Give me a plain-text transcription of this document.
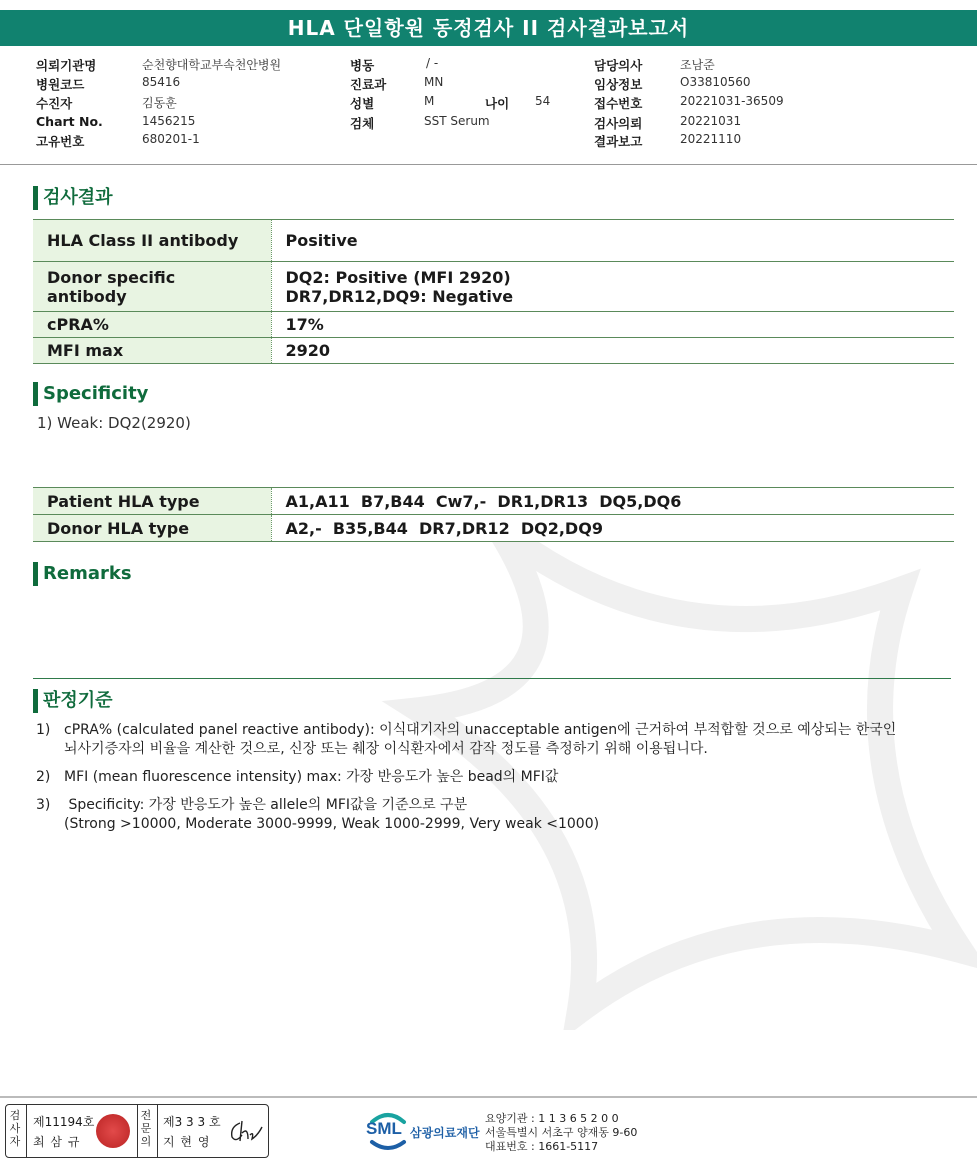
HLA 단일항원 동정검사 II 검사결과보고서
의뢰기관명	순천향대학교부속천안병원	병동	/ -	담당의사	조남준
병원코드	85416	진료과	MN	임상정보	O33810560
수진자	김동훈	성별	M	나이 54	접수번호	20221031-36509
Chart No.	1456215	검체	SST Serum	검사의뢰	20221031
고유번호	680201-1	결과보고	20221110
검사결과
HLA Class II antibody	Positive
Donor specific antibody	DQ2: Positive (MFI 2920)
DR7,DR12,DQ9: Negative

cPRA%	17%
MFI max	2920
Specificity
1) Weak: DQ2(2920)
Patient HLA type	A1,A11  B7,B44  Cw7,-  DR1,DR13  DQ5,DQ6
Donor HLA type	A2,-  B35,B44  DR7,DR12  DQ2,DQ9
Remarks
판정기준
1) cPRA% (calculated panel reactive antibody): 이식대기자의 unacceptable antigen에 근거하여 부적합할 것으로 예상되는 한국인
뇌사기증자의 비율을 계산한 것으로, 신장 또는 췌장 이식환자에서 감작 정도를 측정하기 위해 이용됩니다.
2) MFI (mean fluorescence intensity) max: 가장 반응도가 높은 bead의 MFI값
3) Specificity: 가장 반응도가 높은 allele의 MFI값을 기준으로 구분
(Strong >10000, Moderate 3000-9999, Weak 1000-2999, Very weak <1000)
검사자
제11194호
최 삼 규
전문의
제3 3 3 호
지 현 영
SML 삼광의료재단
요양기관 : 1 1 3 6 5 2 0 0
서울특별시 서초구 양재동 9-60
대표번호 : 1661-5117
